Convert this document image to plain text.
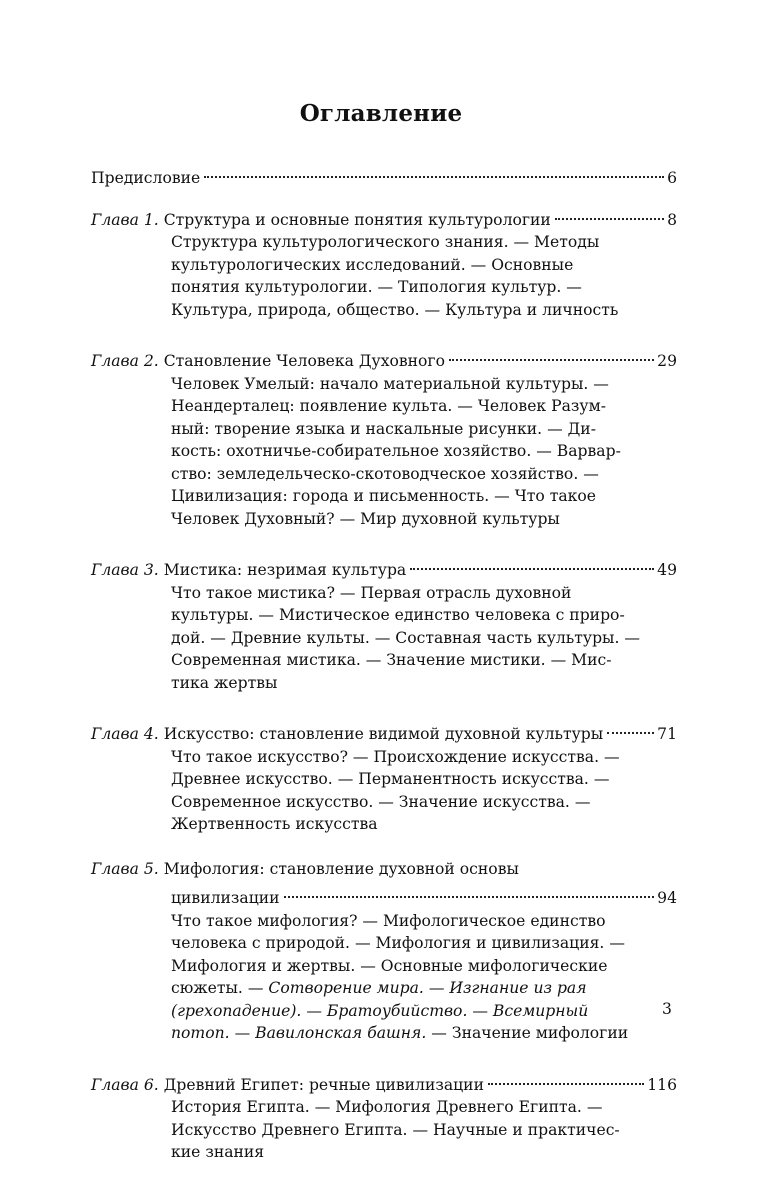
Оглавление
Предисловие	6
Глава 1.
Структура и основные понятия культурологии	8
Структура культурологического знания. — Методы
культурологических исследований. — Основные
понятия культурологии. — Типология культур. —
Культура, природа, общество. — Культура и личность
Глава 2.
Становление Человека Духовного	29
Человек Умелый: начало материальной культуры. —
Неандерталец: появление культа. — Человек Разум-
ный: творение языка и наскальные рисунки. — Ди-
кость: охотничье-собирательное хозяйство. — Варвар-
ство: земледельческо-скотоводческое хозяйство. —
Цивилизация: города и письменность. — Что такое
Человек Духовный? — Мир духовной культуры
Глава 3.
Мистика: незримая культура	49
Что такое мистика? — Первая отрасль духовной
культуры. — Мистическое единство человека с приро-
дой. — Древние культы. — Составная часть культуры. —
Современная мистика. — Значение мистики. — Мис-
тика жертвы
Глава 4.
Искусство: становление видимой духовной культуры	71
Что такое искусство? — Происхождение искусства. —
Древнее искусство. — Перманентность искусства. —
Современное искусство. — Значение искусства. —
Жертвенность искусства
Глава 5. Мифология: становление духовной основы
цивилизации	94
Что такое мифология? — Мифологическое единство
человека с природой. — Мифология и цивилизация. —
Мифология и жертвы. — Основные мифологические
сюжеты. — Сотворение мира. — Изгнание из рая
(грехопадение). — Братоубийство. — Всемирный
потоп. — Вавилонская башня. — Значение мифологии
Глава 6.
Древний Египет: речные цивилизации	116
История Египта. — Мифология Древнего Египта. —
Искусство Древнего Египта. — Научные и практичес-
кие знания
3
